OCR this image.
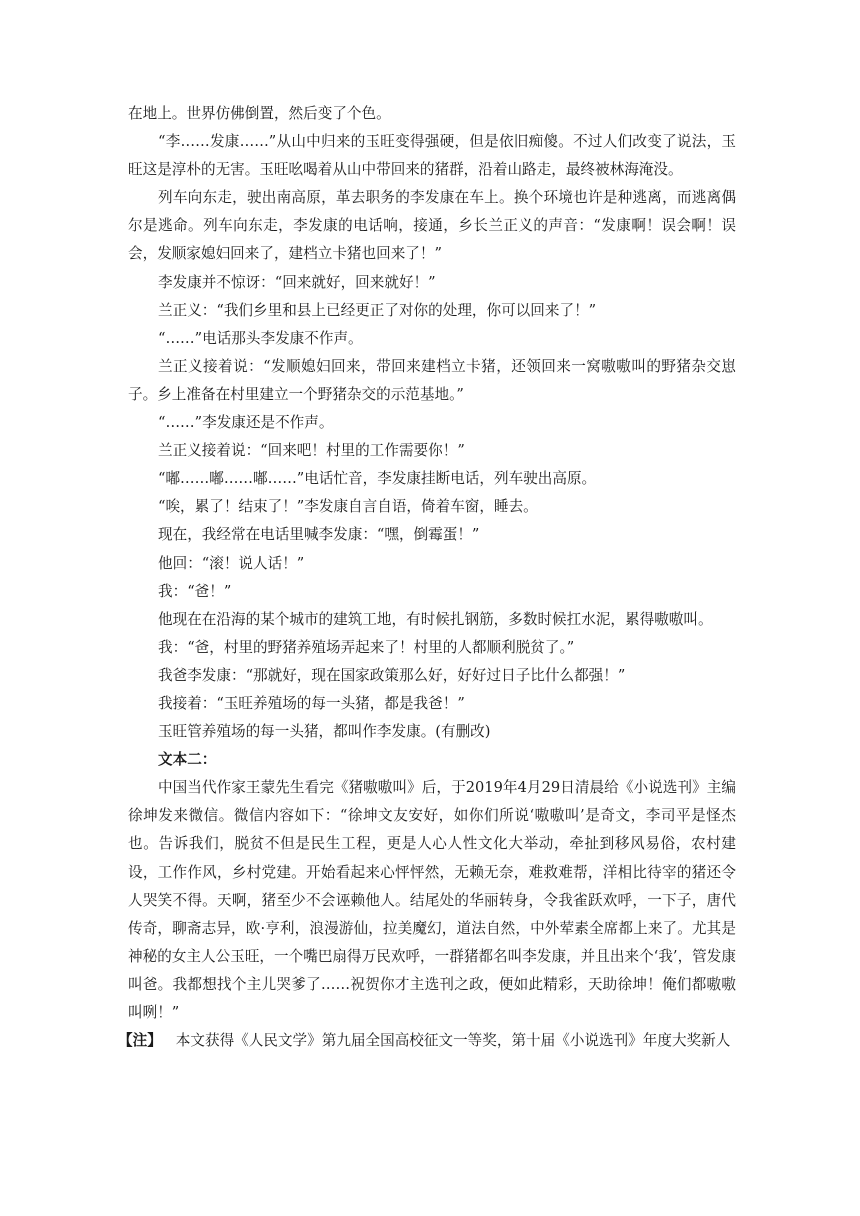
在地上。世界仿佛倒置，然后变了个色。

“李……发康……”从山中归来的玉旺变得强硬，但是依旧痴傻。不过人们改变了说法，玉旺这是淳朴的无害。玉旺吆喝着从山中带回来的猪群，沿着山路走，最终被林海淹没。

列车向东走，驶出南高原，革去职务的李发康在车上。换个环境也许是种逃离，而逃离偶尔是逃命。列车向东走，李发康的电话响，接通，乡长兰正义的声音：“发康啊！误会啊！误会，发顺家媳妇回来了，建档立卡猪也回来了！”

李发康并不惊讶：“回来就好，回来就好！”

兰正义：“我们乡里和县上已经更正了对你的处理，你可以回来了！”

“……”电话那头李发康不作声。

兰正义接着说：“发顺媳妇回来，带回来建档立卡猪，还领回来一窝嗷嗷叫的野猪杂交崽子。乡上准备在村里建立一个野猪杂交的示范基地。”

“……”李发康还是不作声。

兰正义接着说：“回来吧！村里的工作需要你！”

“嘟……嘟……嘟……”电话忙音，李发康挂断电话，列车驶出高原。

“唉，累了！结束了！”李发康自言自语，倚着车窗，睡去。

现在，我经常在电话里喊李发康：“嘿，倒霉蛋！”

他回：“滚！说人话！”

我：“爸！”

他现在在沿海的某个城市的建筑工地，有时候扎钢筋，多数时候扛水泥，累得嗷嗷叫。

我：“爸，村里的野猪养殖场弄起来了！村里的人都顺利脱贫了。”

我爸李发康：“那就好，现在国家政策那么好，好好过日子比什么都强！”

我接着：“玉旺养殖场的每一头猪，都是我爸！”

玉旺管养殖场的每一头猪，都叫作李发康。(有删改)

文本二：

中国当代作家王蒙先生看完《猪嗷嗷叫》后，于2019年4月29日清晨给《小说选刊》主编徐坤发来微信。微信内容如下：“徐坤文友安好，如你们所说‘嗷嗷叫’是奇文，李司平是怪杰也。告诉我们，脱贫不但是民生工程，更是人心人性文化大举动，牵扯到移风易俗，农村建设，工作作风，乡村党建。开始看起来心怦怦然，无赖无奈，难救难帮，洋相比待宰的猪还令人哭笑不得。天啊，猪至少不会诬赖他人。结尾处的华丽转身，令我雀跃欢呼，一下子，唐代传奇，聊斋志异，欧·亨利，浪漫游仙，拉美魔幻，道法自然，中外荤素全席都上来了。尤其是神秘的女主人公玉旺，一个嘴巴扇得万民欢呼，一群猪都名叫李发康，并且出来个‘我’，管发康叫爸。我都想找个主儿哭爹了……祝贺你才主选刊之政，便如此精彩，天助徐坤！俺们都嗷嗷叫咧！”

【注】 本文获得《人民文学》第九届全国高校征文一等奖，第十届《小说选刊》年度大奖新人
